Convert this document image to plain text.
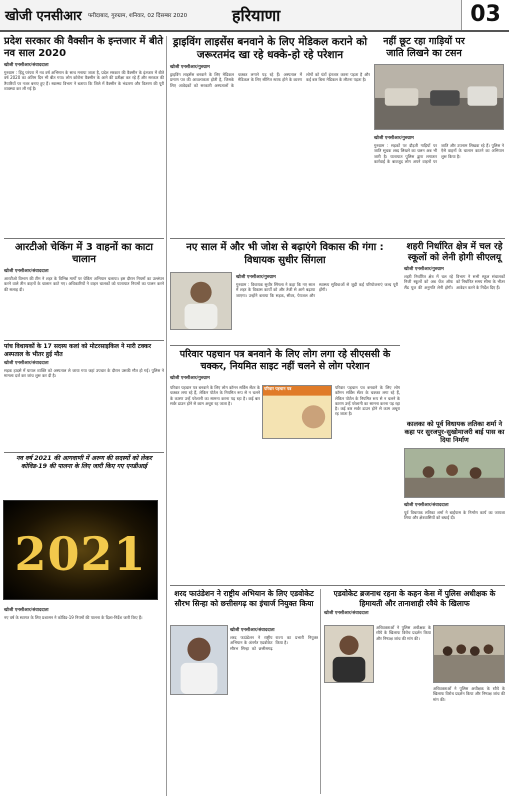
खोजी एनसीआर फरीदाबाद, गुरुग्राम, शनिवार, 02 दिसम्बर 2020	हरियाणा	03
प्रदेश सरकार की वैक्सीन के इन्तजार में बीते नव साल 2020
खोजी एनसीआर/संवाददाता
गुरुग्राम : हिंदू परंपरा में नव वर्ष अभिमान के साथ मनाया जाता है, प्रदेश सरकार की वैक्सीन के इंतजार में बीते वर्ष 2020 का अंतिम दिन भी बीत गया। लोग कोरोना वैक्सीन के आने की प्रतीक्षा कर रहे हैं और सरकार की तैयारियों पर नजर बनाए हुए हैं। स्वास्थ्य विभाग ने बताया कि जिले में वैक्सीन के भंडारण और वितरण की पूरी व्यवस्था कर ली गई है।
आरटीओ चेकिंग में 3 वाहनों का काटा चालान
खोजी एनसीआर/संवाददाता
आरटीओ विभाग की टीम ने शहर के विभिन्न मार्गों पर चेकिंग अभियान चलाया। इस दौरान नियमों का उल्लंघन करने वाले तीन वाहनों के चालान काटे गए। अधिकारियों ने वाहन चालकों को यातायात नियमों का पालन करने की सलाह दी।
पांच विधायकों के 17 सदस्य कलां को मोटरसाइकिल ने मारी टक्कर अस्पताल के भीतर हुई मौत
खोजी एनसीआर/संवाददाता
सड़क हादसे में घायल व्यक्ति को अस्पताल ले जाया गया जहां उपचार के दौरान उसकी मौत हो गई। पुलिस ने मामला दर्ज कर जांच शुरू कर दी है।
नव वर्ष 2021 की आगवाणी में अरुण की सदस्यों को लेकर कोविड-19 की पालना के लिए जारी किए गए एनडीआई
2021
खोजी एनसीआर/संवाददाता
नए वर्ष के स्वागत के लिए प्रशासन ने कोविड-19 नियमों की पालना के दिशा-निर्देश जारी किए हैं।
ड्राइविंग लाइसेंस बनवाने के लिए मेडिकल कराने को जरूरतमंद खा रहे धक्के-हो रहे परेशान
खोजी एनसीआर/गुरुग्राम
ड्राइविंग लाइसेंस बनवाने के लिए मेडिकल प्रमाण पत्र की आवश्यकता होती है, जिसके लिए आवेदकों को सरकारी अस्पतालों के चक्कर लगाने पड़ रहे हैं। अस्पताल में मेडिकल के लिए सीमित स्टाफ होने के कारण लोगों को घंटों इंतजार करना पड़ता है और कई बार बिना मेडिकल के लौटना पड़ता है।
नहीं छूट रहा गाड़ियों पर जाति लिखने का टसन
खोजी एनसीआर/गुरुग्राम
गुरुग्राम : सड़कों पर दौड़ती गाड़ियों पर जाति सूचक शब्द लिखने का चलन अब भी जारी है। यातायात पुलिस द्वारा लगातार कार्रवाई के बावजूद लोग अपने वाहनों पर जाति और उपनाम लिखवा रहे हैं। पुलिस ने ऐसे वाहनों के चालान काटने का अभियान शुरू किया है।
नए साल में और भी जोश से बढ़ाएंगे विकास की गंगा : विधायक सुधीर सिंगला
खोजी एनसीआर/गुरुग्राम
गुरुग्राम : विधायक सुधीर सिंगला ने कहा कि नए साल में शहर के विकास कार्यों को और तेजी से आगे बढ़ाया जाएगा। उन्होंने बताया कि सड़क, सीवर, पेयजल और स्वास्थ्य सुविधाओं से जुड़ी कई परियोजनाएं जल्द पूरी होंगी।
शहरी निर्धारित क्षेत्र में चल रहे स्कूलों को लेनी होगी सीएलयू
खोजी एनसीआर/गुरुग्राम
शहरी निर्धारित क्षेत्र में चल रहे निजी स्कूलों को अब चेंज ऑफ लैंड यूज की अनुमति लेनी होगी। विभाग ने सभी स्कूल संचालकों को निर्धारित समय सीमा के भीतर आवेदन करने के निर्देश दिए हैं।
परिवार पहचान पत्र बनवाने के लिए लोग लगा रहे सीएससी के चक्कर, नियमित साइट नहीं चलने से लोग परेशान
खोजी एनसीआर/गुरुग्राम
परिवार पहचान पत्र
परिवार पहचान पत्र बनवाने के लिए लोग कॉमन सर्विस सेंटर के चक्कर लगा रहे हैं, लेकिन पोर्टल के नियमित रूप से न चलने के कारण उन्हें परेशानी का सामना करना पड़ रहा है। कई बार सर्वर डाउन होने से काम अधूरा रह जाता है।
परिवार पहचान पत्र बनवाने के लिए लोग कॉमन सर्विस सेंटर के चक्कर लगा रहे हैं, लेकिन पोर्टल के नियमित रूप से न चलने के कारण उन्हें परेशानी का सामना करना पड़ रहा है। कई बार सर्वर डाउन होने से काम अधूरा रह जाता है।
कालका को पूर्व विधायक लतिका शर्मा ने कहा पर सुरजपुर-सुखोमाजरी बाई पास का दिया निर्माण
खोजी एनसीआर/संवाददाता
पूर्व विधायक लतिका शर्मा ने बाईपास के निर्माण कार्य का जायजा लिया और क्षेत्रवासियों को बधाई दी।
शरद फाउंडेशन ने राष्ट्रीय अभियान के लिए एडवोकेट सौरभ सिन्हा को छत्तीसगढ़ का इंचार्ज नियुक्त किया
खोजी एनसीआर/संवाददाता
शरद फाउंडेशन ने राष्ट्रीय अभियान के अंतर्गत एडवोकेट सौरभ सिन्हा को छत्तीसगढ़ राज्य का प्रभारी नियुक्त किया है।
एडवोकेट ब्रजनाथ रहना के कहन केस में पुलिस अधीक्षक के हिमायती और तानाशाही रवैये के खिलाफ
खोजी एनसीआर/संवाददाता
अधिवक्ताओं ने पुलिस अधीक्षक के रवैये के खिलाफ विरोध प्रदर्शन किया और निष्पक्ष जांच की मांग की।
अधिवक्ताओं ने पुलिस अधीक्षक के रवैये के खिलाफ विरोध प्रदर्शन किया और निष्पक्ष जांच की मांग की।
